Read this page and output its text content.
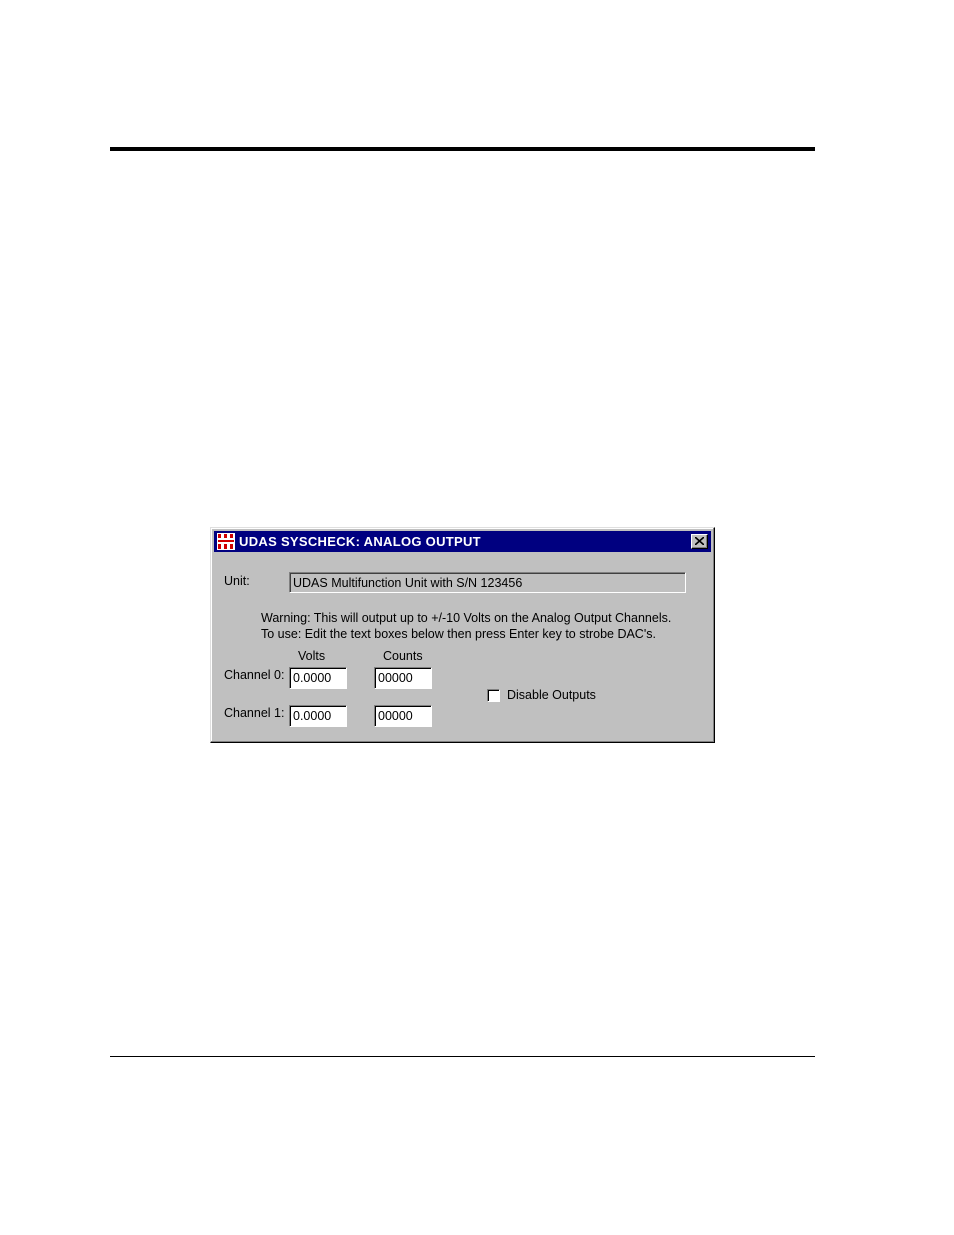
UDAS SYSCHECK: ANALOG OUTPUT
Unit:	UDAS Multifunction Unit with S/N 123456
Warning: This will output up to +/-10 Volts on the Analog Output Channels.
To use: Edit the text boxes below then press Enter key to strobe DAC's.
Volts	Counts
Channel 0:
0.0000
00000
Channel 1:
0.0000
00000
Disable Outputs
